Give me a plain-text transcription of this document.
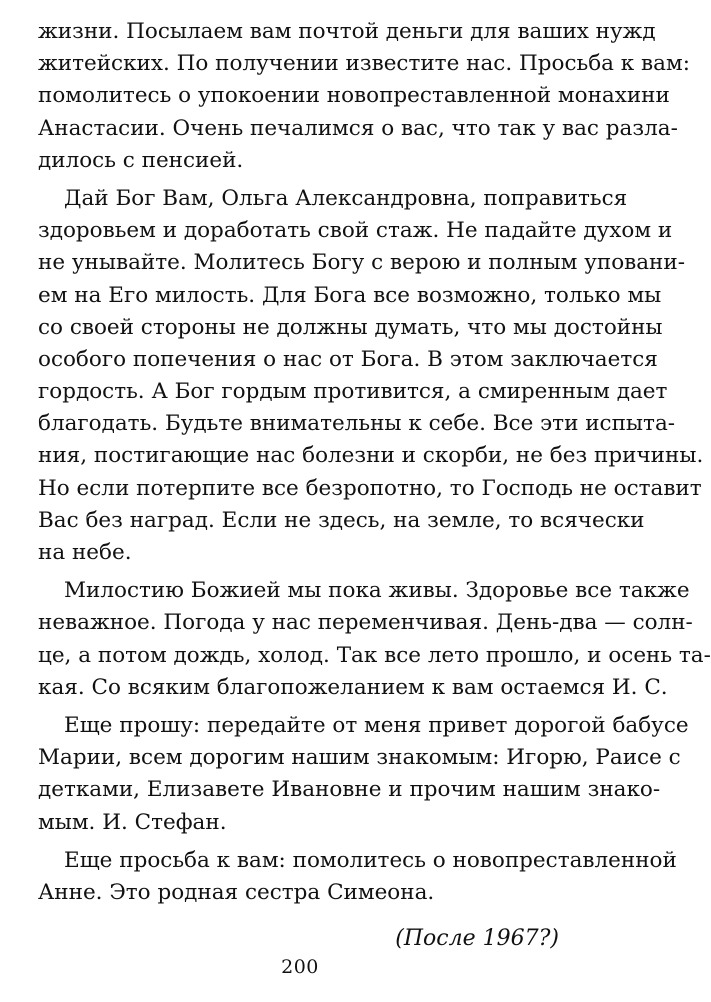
жизни. Посылаем вам почтой деньги для ваших нужд
житейских. По получении известите нас. Просьба к вам:
помолитесь о упокоении новопреставленной монахини
Анастасии. Очень печалимся о вас, что так у вас разла-
дилось с пенсией.
Дай Бог Вам, Ольга Александровна, поправиться
здоровьем и доработать свой стаж. Не падайте духом и
не унывайте. Молитесь Богу с верою и полным уповани-
ем на Его милость. Для Бога все возможно, только мы
со своей стороны не должны думать, что мы достойны
особого попечения о нас от Бога. В этом заключается
гордость. А Бог гордым противится, а смиренным дает
благодать. Будьте внимательны к себе. Все эти испыта-
ния, постигающие нас болезни и скорби, не без причины.
Но если потерпите все безропотно, то Господь не оставит
Вас без наград. Если не здесь, на земле, то всячески
на небе.
Милостию Божией мы пока живы. Здоровье все также
неважное. Погода у нас переменчивая. День-два — солн-
це, а потом дождь, холод. Так все лето прошло, и осень та-
кая. Со всяким благопожеланием к вам остаемся И. С.
Еще прошу: передайте от меня привет дорогой бабусе
Марии, всем дорогим нашим знакомым: Игорю, Раисе с
детками, Елизавете Ивановне и прочим нашим знако-
мым. И. Стефан.
Еще просьба к вам: помолитесь о новопреставленной
Анне. Это родная сестра Симеона.
(После 1967?)
200
